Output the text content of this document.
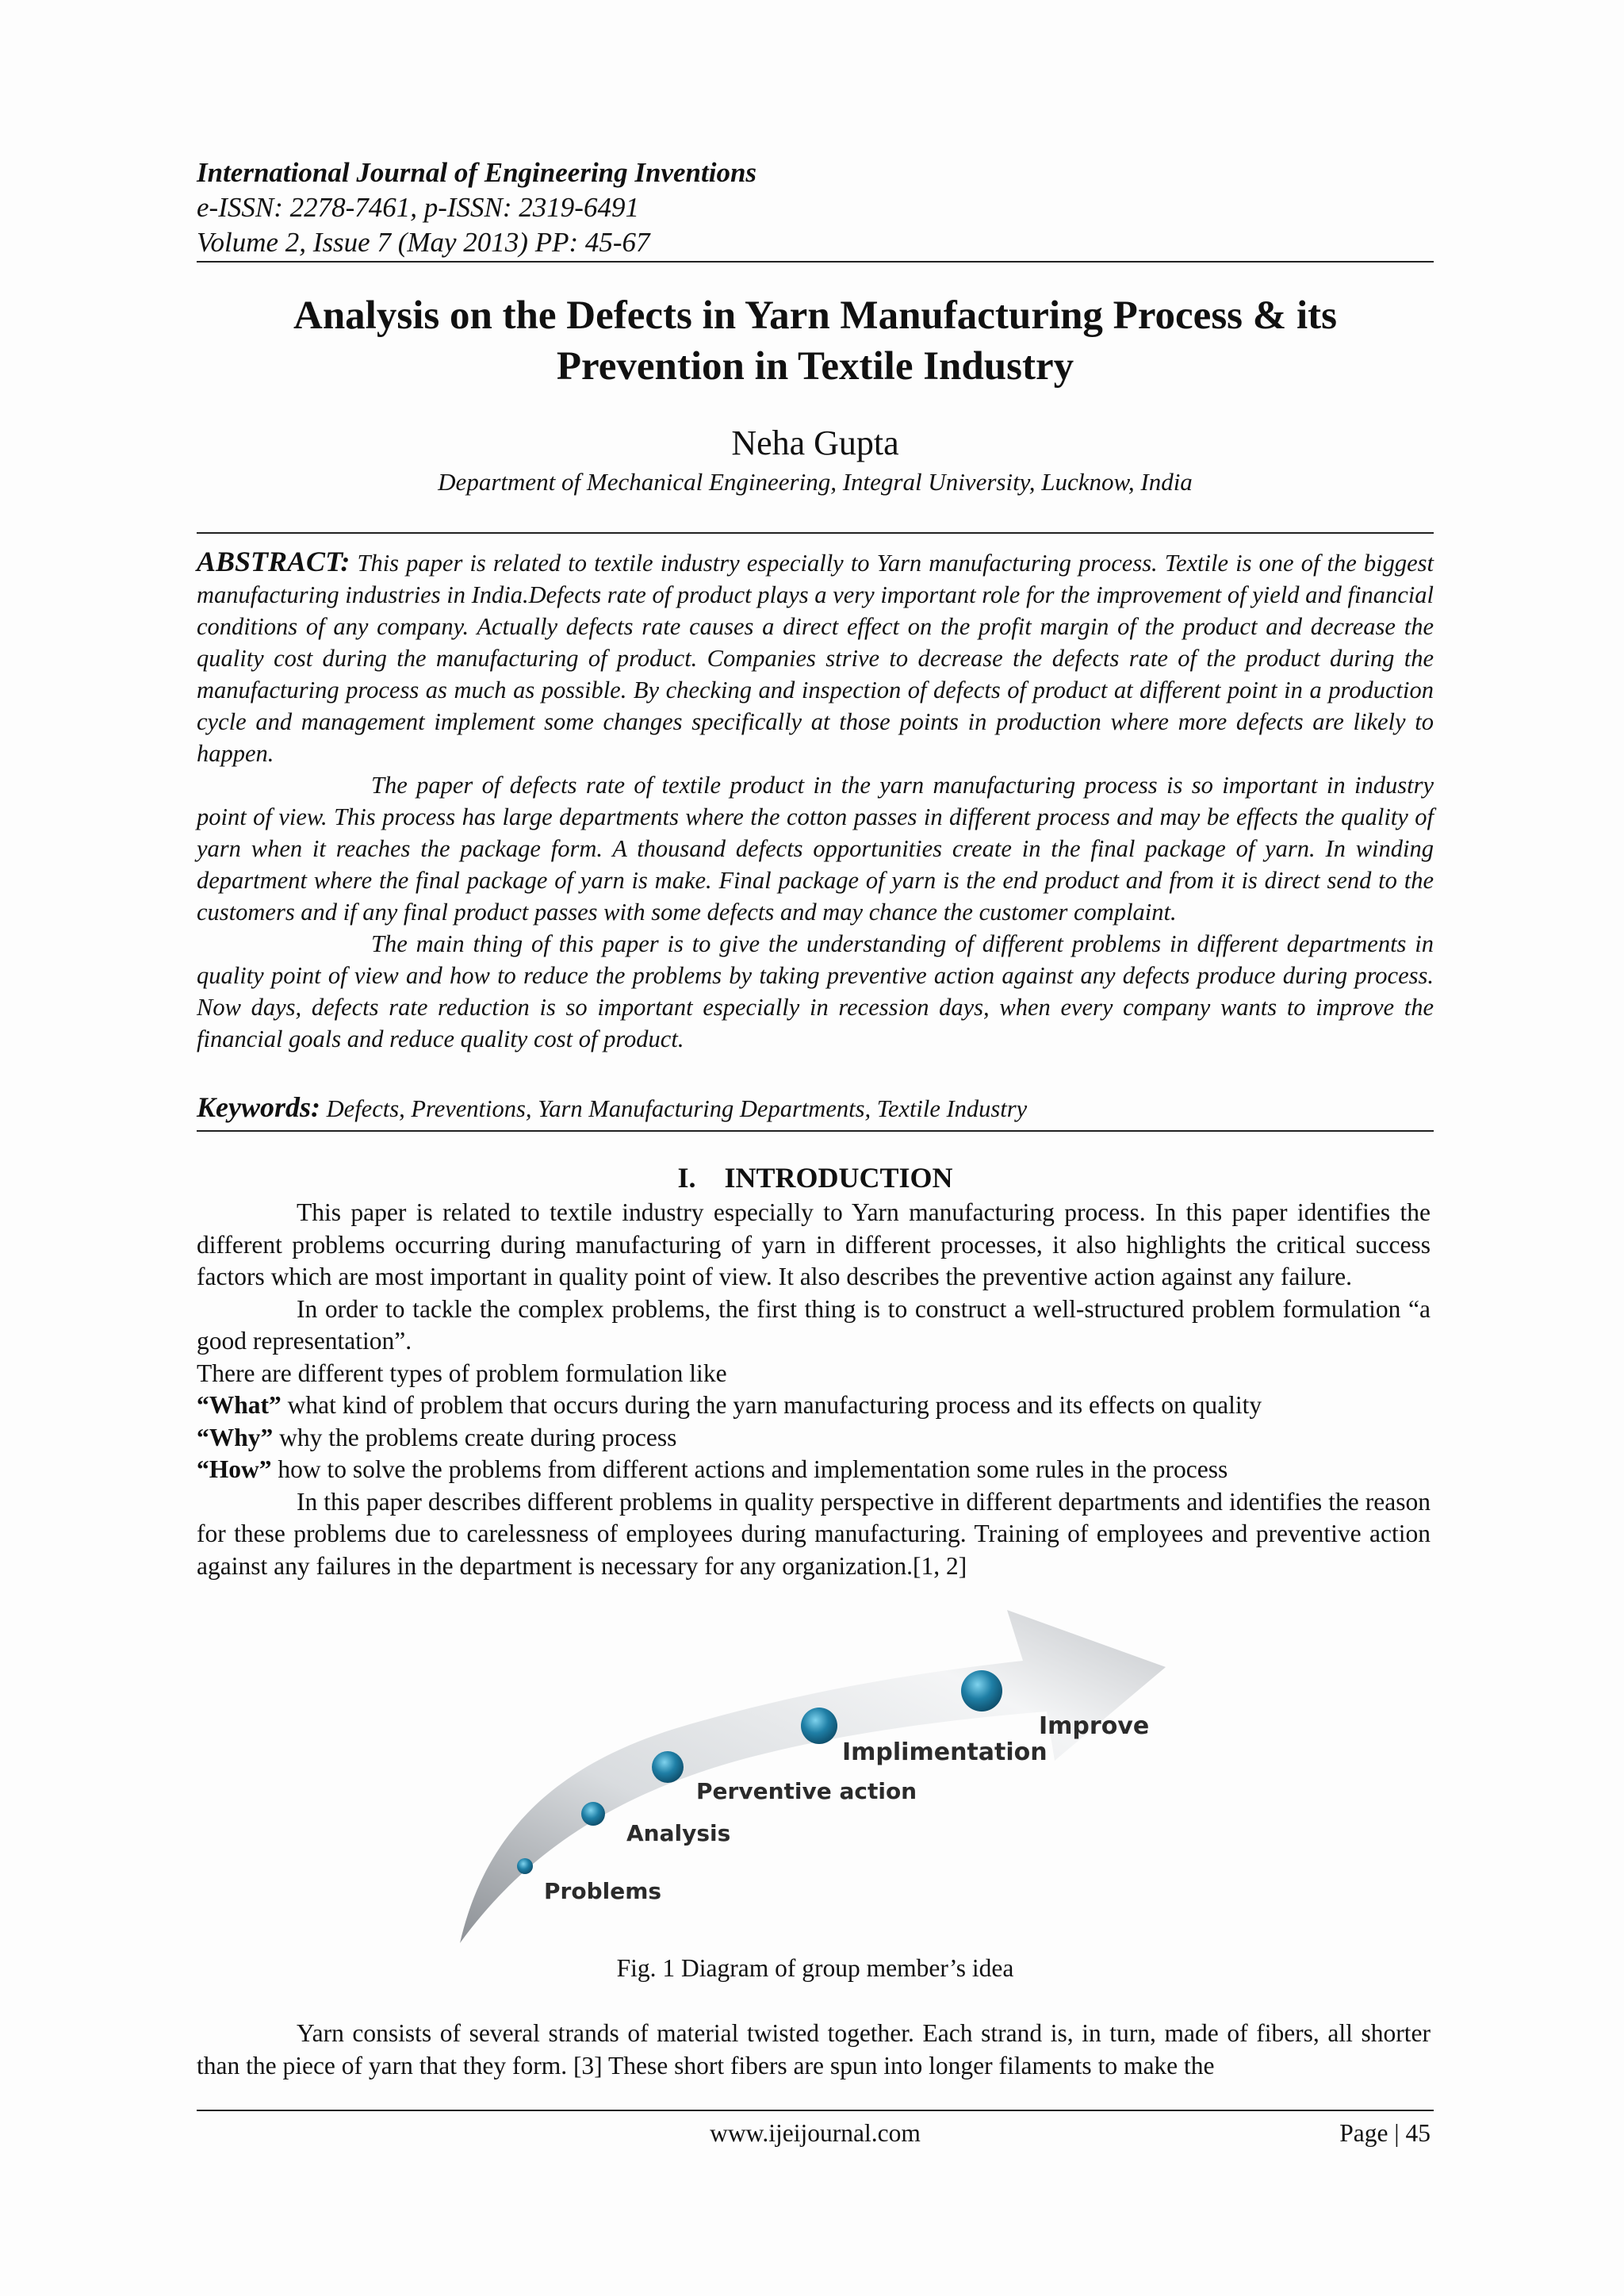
International Journal of Engineering Inventions
e-ISSN: 2278-7461, p-ISSN: 2319-6491
Volume 2, Issue 7 (May 2013) PP: 45-67
Analysis on the Defects in Yarn Manufacturing Process & its
Prevention in Textile Industry
Neha Gupta
Department of Mechanical Engineering, Integral University, Lucknow, India

ABSTRACT: This paper is related to textile industry especially to Yarn manufacturing process. Textile is one of the biggest manufacturing industries in India.Defects rate of product plays a very important role for the improvement of yield and financial conditions of any company. Actually defects rate causes a direct effect on the profit margin of the product and decrease the quality cost during the manufacturing of product. Companies strive to decrease the defects rate of the product during the manufacturing process as much as possible. By checking and inspection of defects of product at different point in a production cycle and management implement some changes specifically at those points in production where more defects are likely to happen.

The paper of defects rate of textile product in the yarn manufacturing process is so important in industry point of view. This process has large departments where the cotton passes in different process and may be effects the quality of yarn when it reaches the package form. A thousand defects opportunities create in the final package of yarn. In winding department where the final package of yarn is make. Final package of yarn is the end product and from it is direct send to the customers and if any final product passes with some defects and may chance the customer complaint.

The main thing of this paper is to give the understanding of different problems in different departments in quality point of view and how to reduce the problems by taking preventive action against any defects produce during process. Now days, defects rate reduction is so important especially in recession days, when every company wants to improve the financial goals and reduce quality cost of product.

Keywords: Defects, Preventions, Yarn Manufacturing Departments, Textile Industry
I.    INTRODUCTION

This paper is related to textile industry especially to Yarn manufacturing process. In this paper identifies the different problems occurring during manufacturing of yarn in different processes, it also highlights the critical success factors which are most important in quality point of view. It also describes the preventive action against any failure.

In order to tackle the complex problems, the first thing is to construct a well-structured problem formulation “a good representation”.

There are different types of problem formulation like

“What” what kind of problem that occurs during the yarn manufacturing process and its effects on quality

“Why” why the problems create during process

“How” how to solve the problems from different actions and implementation some rules in the process

In this paper describes different problems in quality perspective in different departments and identifies the reason for these problems due to carelessness of employees during manufacturing. Training of employees and preventive action against any failures in the department is necessary for any organization.[1, 2]

Problems
Analysis
Perventive action
Implimentation
Improve
Fig. 1 Diagram of group member’s idea

Yarn consists of several strands of material twisted together. Each strand is, in turn, made of fibers, all shorter than the piece of yarn that they form. [3] These short fibers are spun into longer filaments to make the

www.ijeijournal.com	Page | 45
